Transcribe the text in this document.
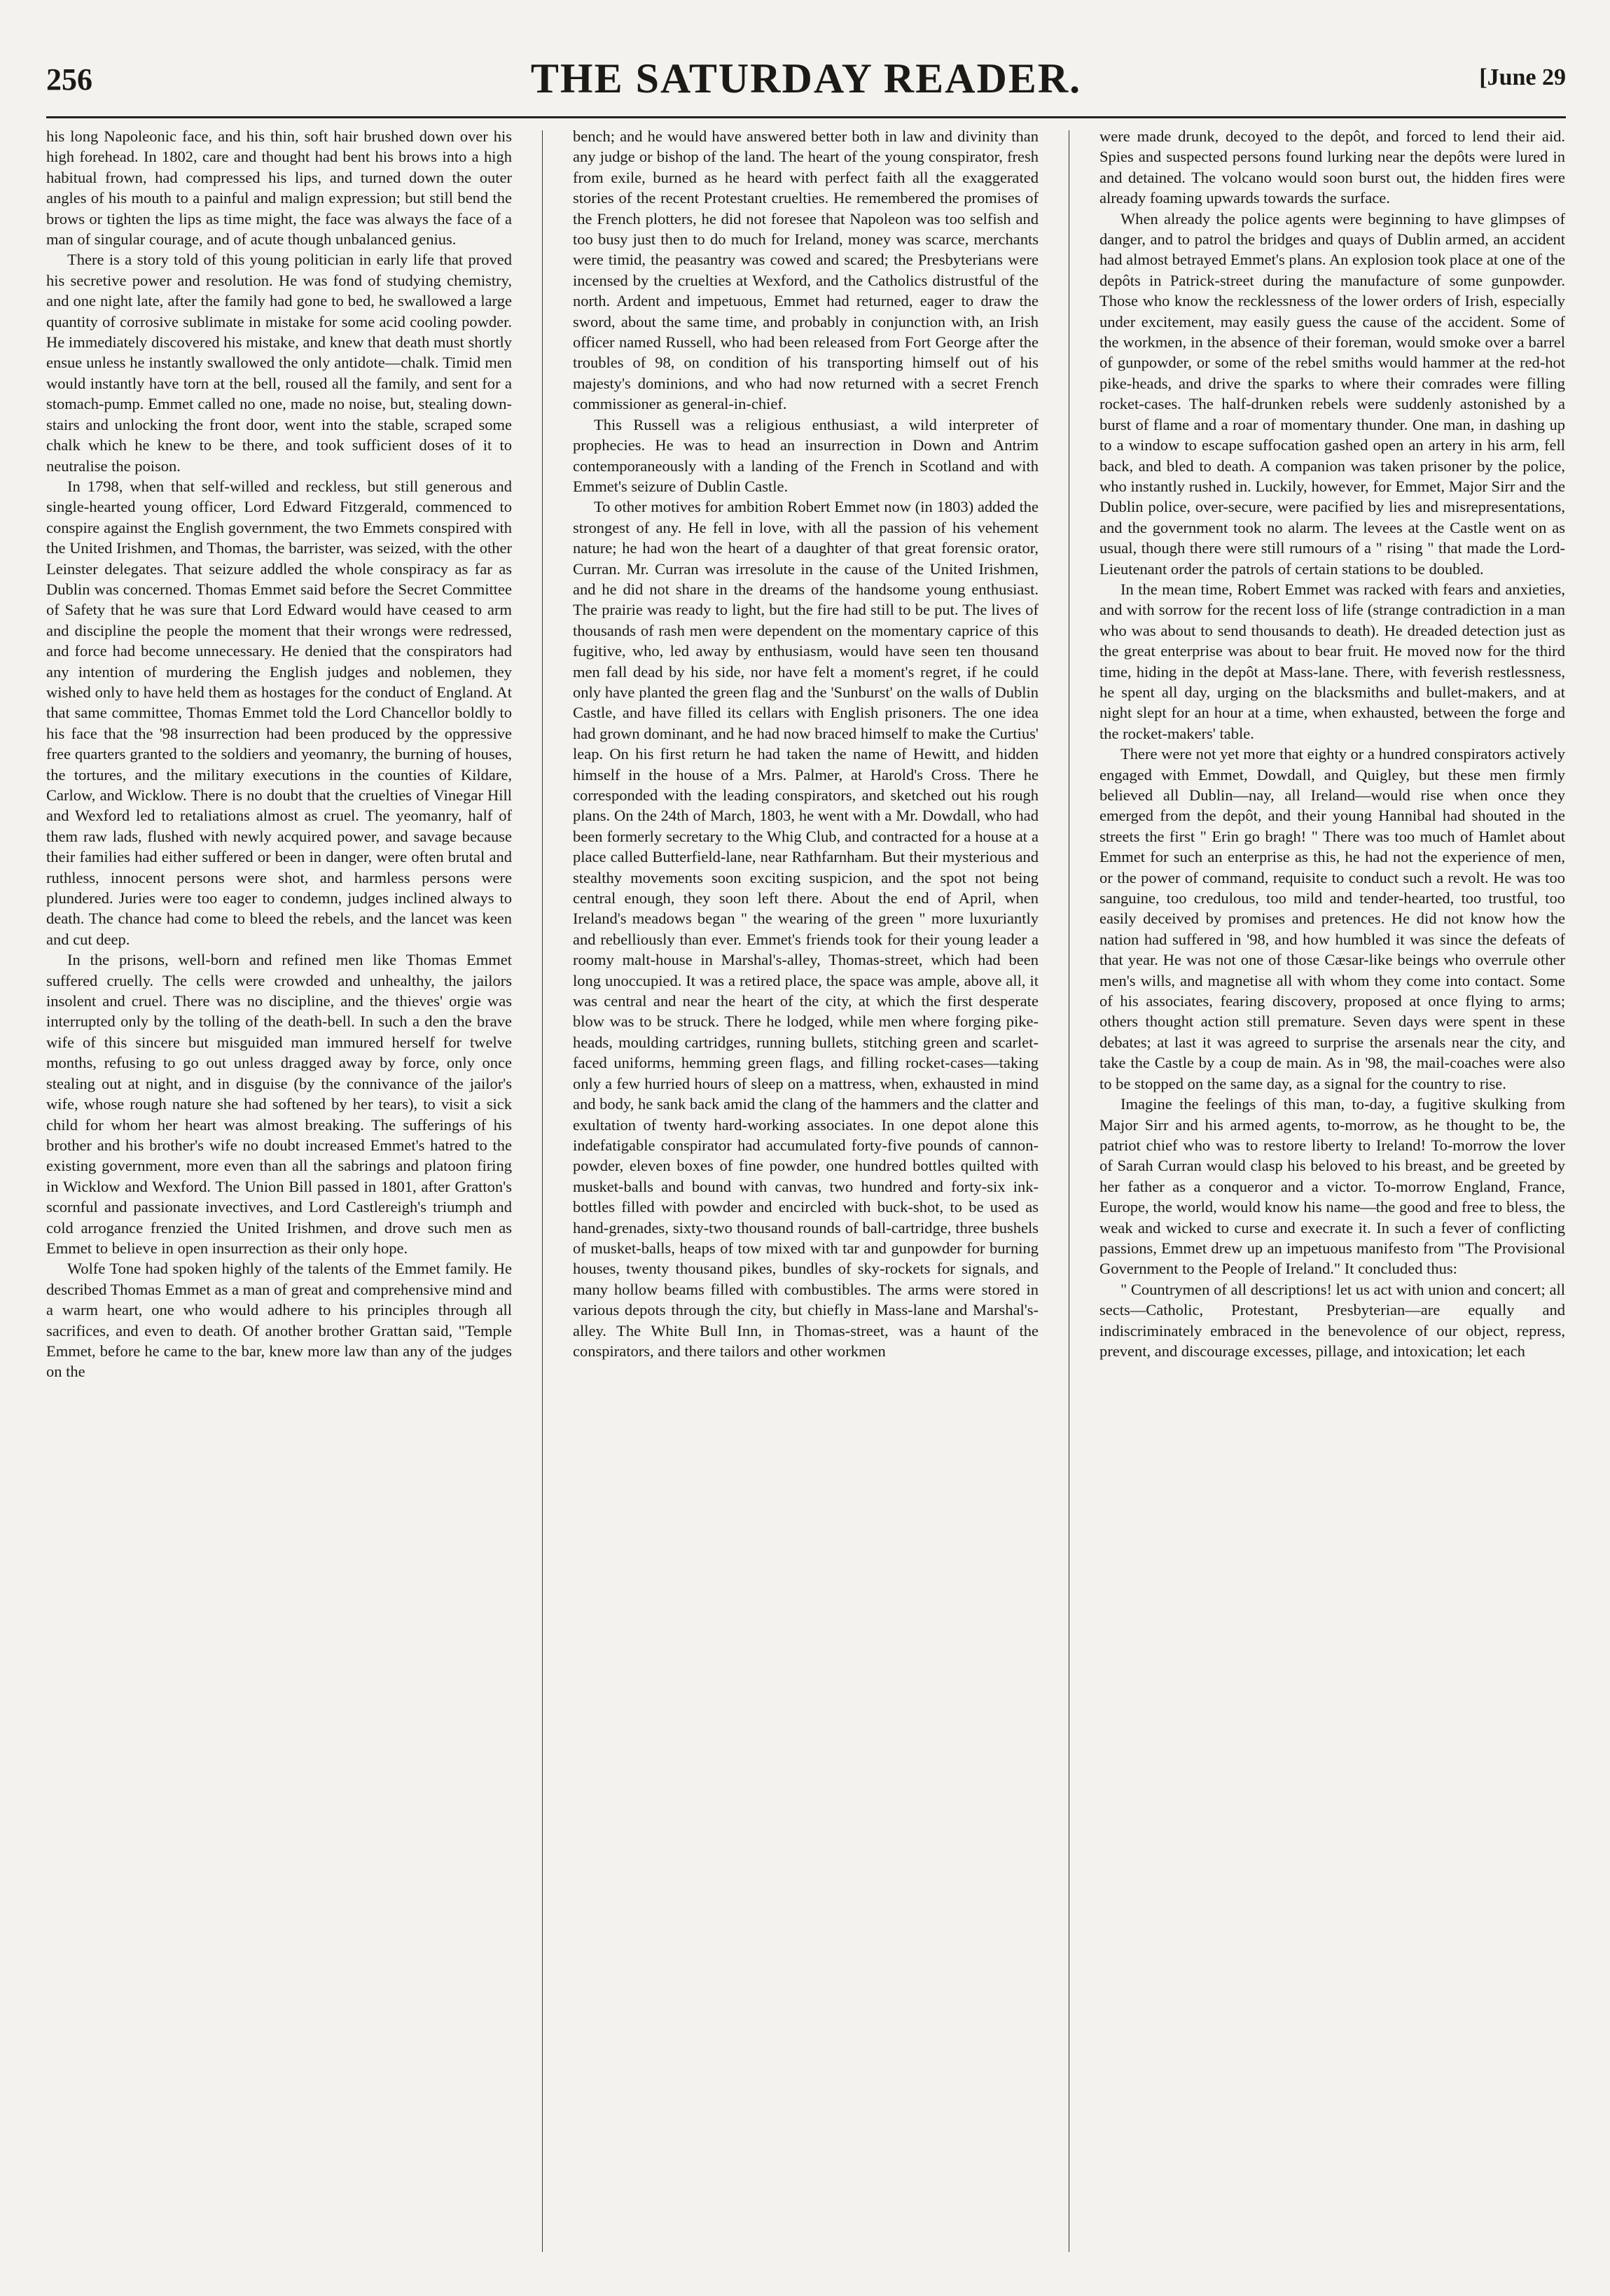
256	THE SATURDAY READER.	[June 29

his long Napoleonic face, and his thin, soft hair brushed down over his high forehead. In 1802, care and thought had bent his brows into a high habitual frown, had compressed his lips, and turned down the outer angles of his mouth to a painful and malign expression; but still bend the brows or tighten the lips as time might, the face was always the face of a man of singular courage, and of acute though unbalanced genius.

There is a story told of this young politician in early life that proved his secretive power and resolution. He was fond of studying chemistry, and one night late, after the family had gone to bed, he swallowed a large quantity of corrosive sublimate in mistake for some acid cooling powder. He immediately discovered his mistake, and knew that death must shortly ensue unless he instantly swallowed the only antidote—chalk. Timid men would instantly have torn at the bell, roused all the family, and sent for a stomach-pump. Emmet called no one, made no noise, but, stealing down-stairs and unlocking the front door, went into the stable, scraped some chalk which he knew to be there, and took sufficient doses of it to neutralise the poison.

In 1798, when that self-willed and reckless, but still generous and single-hearted young officer, Lord Edward Fitzgerald, commenced to conspire against the English government, the two Emmets conspired with the United Irishmen, and Thomas, the barrister, was seized, with the other Leinster delegates. That seizure addled the whole conspiracy as far as Dublin was concerned. Thomas Emmet said before the Secret Committee of Safety that he was sure that Lord Edward would have ceased to arm and discipline the people the moment that their wrongs were redressed, and force had become unnecessary. He denied that the conspirators had any intention of murdering the English judges and noblemen, they wished only to have held them as hostages for the conduct of England. At that same committee, Thomas Emmet told the Lord Chancellor boldly to his face that the '98 insurrection had been produced by the oppressive free quarters granted to the soldiers and yeomanry, the burning of houses, the tortures, and the military executions in the counties of Kildare, Carlow, and Wicklow. There is no doubt that the cruelties of Vinegar Hill and Wexford led to retaliations almost as cruel. The yeomanry, half of them raw lads, flushed with newly acquired power, and savage because their families had either suffered or been in danger, were often brutal and ruthless, innocent persons were shot, and harmless persons were plundered. Juries were too eager to condemn, judges inclined always to death. The chance had come to bleed the rebels, and the lancet was keen and cut deep.

In the prisons, well-born and refined men like Thomas Emmet suffered cruelly. The cells were crowded and unhealthy, the jailors insolent and cruel. There was no discipline, and the thieves' orgie was interrupted only by the tolling of the death-bell. In such a den the brave wife of this sincere but misguided man immured herself for twelve months, refusing to go out unless dragged away by force, only once stealing out at night, and in disguise (by the connivance of the jailor's wife, whose rough nature she had softened by her tears), to visit a sick child for whom her heart was almost breaking. The sufferings of his brother and his brother's wife no doubt increased Emmet's hatred to the existing government, more even than all the sabrings and platoon firing in Wicklow and Wexford. The Union Bill passed in 1801, after Gratton's scornful and passionate invectives, and Lord Castlereigh's triumph and cold arrogance frenzied the United Irishmen, and drove such men as Emmet to believe in open insurrection as their only hope.

Wolfe Tone had spoken highly of the talents of the Emmet family. He described Thomas Emmet as a man of great and comprehensive mind and a warm heart, one who would adhere to his principles through all sacrifices, and even to death. Of another brother Grattan said, "Temple Emmet, before he came to the bar, knew more law than any of the judges on the

bench; and he would have answered better both in law and divinity than any judge or bishop of the land. The heart of the young conspirator, fresh from exile, burned as he heard with perfect faith all the exaggerated stories of the recent Protestant cruelties. He remembered the promises of the French plotters, he did not foresee that Napoleon was too selfish and too busy just then to do much for Ireland, money was scarce, merchants were timid, the peasantry was cowed and scared; the Presbyterians were incensed by the cruelties at Wexford, and the Catholics distrustful of the north. Ardent and impetuous, Emmet had returned, eager to draw the sword, about the same time, and probably in conjunction with, an Irish officer named Russell, who had been released from Fort George after the troubles of 98, on condition of his transporting himself out of his majesty's dominions, and who had now returned with a secret French commissioner as general-in-chief.

This Russell was a religious enthusiast, a wild interpreter of prophecies. He was to head an insurrection in Down and Antrim contemporaneously with a landing of the French in Scotland and with Emmet's seizure of Dublin Castle.

To other motives for ambition Robert Emmet now (in 1803) added the strongest of any. He fell in love, with all the passion of his vehement nature; he had won the heart of a daughter of that great forensic orator, Curran. Mr. Curran was irresolute in the cause of the United Irishmen, and he did not share in the dreams of the handsome young enthusiast. The prairie was ready to light, but the fire had still to be put. The lives of thousands of rash men were dependent on the momentary caprice of this fugitive, who, led away by enthusiasm, would have seen ten thousand men fall dead by his side, nor have felt a moment's regret, if he could only have planted the green flag and the 'Sunburst' on the walls of Dublin Castle, and have filled its cellars with English prisoners. The one idea had grown dominant, and he had now braced himself to make the Curtius' leap. On his first return he had taken the name of Hewitt, and hidden himself in the house of a Mrs. Palmer, at Harold's Cross. There he corresponded with the leading conspirators, and sketched out his rough plans. On the 24th of March, 1803, he went with a Mr. Dowdall, who had been formerly secretary to the Whig Club, and contracted for a house at a place called Butterfield-lane, near Rathfarnham. But their mysterious and stealthy movements soon exciting suspicion, and the spot not being central enough, they soon left there. About the end of April, when Ireland's meadows began " the wearing of the green " more luxuriantly and rebelliously than ever. Emmet's friends took for their young leader a roomy malt-house in Marshal's-alley, Thomas-street, which had been long unoccupied. It was a retired place, the space was ample, above all, it was central and near the heart of the city, at which the first desperate blow was to be struck. There he lodged, while men where forging pike-heads, moulding cartridges, running bullets, stitching green and scarlet-faced uniforms, hemming green flags, and filling rocket-cases—taking only a few hurried hours of sleep on a mattress, when, exhausted in mind and body, he sank back amid the clang of the hammers and the clatter and exultation of twenty hard-working associates. In one depot alone this indefatigable conspirator had accumulated forty-five pounds of cannon-powder, eleven boxes of fine powder, one hundred bottles quilted with musket-balls and bound with canvas, two hundred and forty-six ink-bottles filled with powder and encircled with buck-shot, to be used as hand-grenades, sixty-two thousand rounds of ball-cartridge, three bushels of musket-balls, heaps of tow mixed with tar and gunpowder for burning houses, twenty thousand pikes, bundles of sky-rockets for signals, and many hollow beams filled with combustibles. The arms were stored in various depots through the city, but chiefly in Mass-lane and Marshal's-alley. The White Bull Inn, in Thomas-street, was a haunt of the conspirators, and there tailors and other workmen

were made drunk, decoyed to the depôt, and forced to lend their aid. Spies and suspected persons found lurking near the depôts were lured in and detained. The volcano would soon burst out, the hidden fires were already foaming upwards towards the surface.

When already the police agents were beginning to have glimpses of danger, and to patrol the bridges and quays of Dublin armed, an accident had almost betrayed Emmet's plans. An explosion took place at one of the depôts in Patrick-street during the manufacture of some gunpowder. Those who know the recklessness of the lower orders of Irish, especially under excitement, may easily guess the cause of the accident. Some of the workmen, in the absence of their foreman, would smoke over a barrel of gunpowder, or some of the rebel smiths would hammer at the red-hot pike-heads, and drive the sparks to where their comrades were filling rocket-cases. The half-drunken rebels were suddenly astonished by a burst of flame and a roar of momentary thunder. One man, in dashing up to a window to escape suffocation gashed open an artery in his arm, fell back, and bled to death. A companion was taken prisoner by the police, who instantly rushed in. Luckily, however, for Emmet, Major Sirr and the Dublin police, over-secure, were pacified by lies and misrepresentations, and the government took no alarm. The levees at the Castle went on as usual, though there were still rumours of a " rising " that made the Lord-Lieutenant order the patrols of certain stations to be doubled.

In the mean time, Robert Emmet was racked with fears and anxieties, and with sorrow for the recent loss of life (strange contradiction in a man who was about to send thousands to death). He dreaded detection just as the great enterprise was about to bear fruit. He moved now for the third time, hiding in the depôt at Mass-lane. There, with feverish restlessness, he spent all day, urging on the blacksmiths and bullet-makers, and at night slept for an hour at a time, when exhausted, between the forge and the rocket-makers' table.

There were not yet more that eighty or a hundred conspirators actively engaged with Emmet, Dowdall, and Quigley, but these men firmly believed all Dublin—nay, all Ireland—would rise when once they emerged from the depôt, and their young Hannibal had shouted in the streets the first " Erin go bragh! " There was too much of Hamlet about Emmet for such an enterprise as this, he had not the experience of men, or the power of command, requisite to conduct such a revolt. He was too sanguine, too credulous, too mild and tender-hearted, too trustful, too easily deceived by promises and pretences. He did not know how the nation had suffered in '98, and how humbled it was since the defeats of that year. He was not one of those Cæsar-like beings who overrule other men's wills, and magnetise all with whom they come into contact. Some of his associates, fearing discovery, proposed at once flying to arms; others thought action still premature. Seven days were spent in these debates; at last it was agreed to surprise the arsenals near the city, and take the Castle by a coup de main. As in '98, the mail-coaches were also to be stopped on the same day, as a signal for the country to rise.

Imagine the feelings of this man, to-day, a fugitive skulking from Major Sirr and his armed agents, to-morrow, as he thought to be, the patriot chief who was to restore liberty to Ireland! To-morrow the lover of Sarah Curran would clasp his beloved to his breast, and be greeted by her father as a conqueror and a victor. To-morrow England, France, Europe, the world, would know his name—the good and free to bless, the weak and wicked to curse and execrate it. In such a fever of conflicting passions, Emmet drew up an impetuous manifesto from "The Provisional Government to the People of Ireland." It concluded thus:

" Countrymen of all descriptions! let us act with union and concert; all sects—Catholic, Protestant, Presbyterian—are equally and indiscriminately embraced in the benevolence of our object, repress, prevent, and discourage excesses, pillage, and intoxication; let each
